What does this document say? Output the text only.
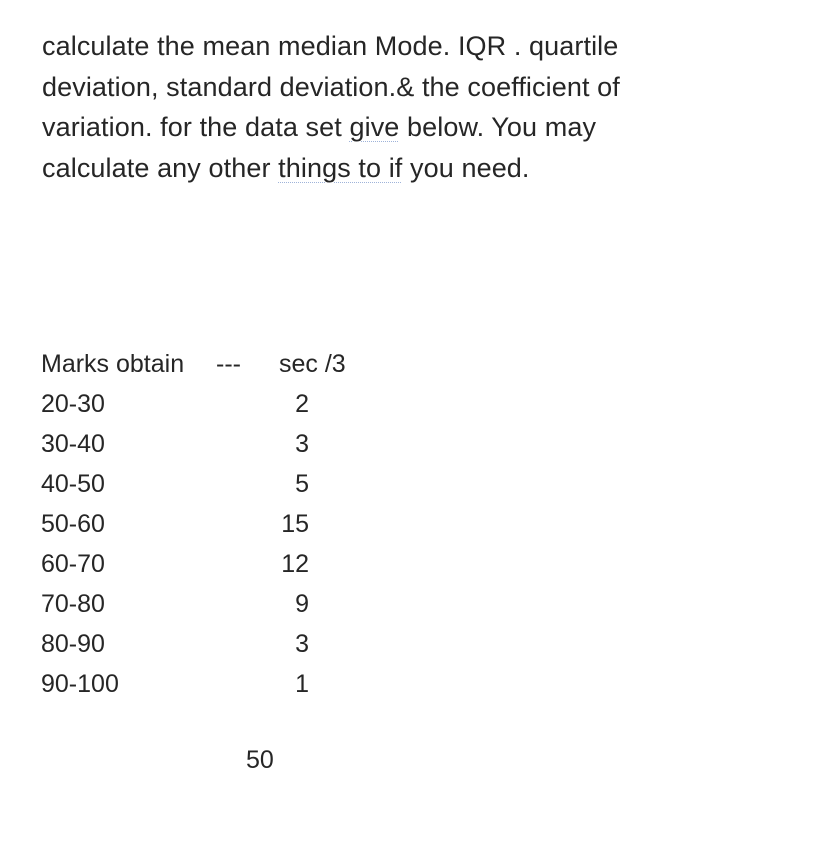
calculate the mean median Mode. IQR . quartile
deviation, standard deviation.& the coefficient of
variation. for the data set give below. You may
calculate any other things to if you need.
Marks obtain --- sec /3
20-30	2
30-40	3
40-50	5
50-60	15
60-70	12
70-80	9
80-90	3
90-100	1
50
